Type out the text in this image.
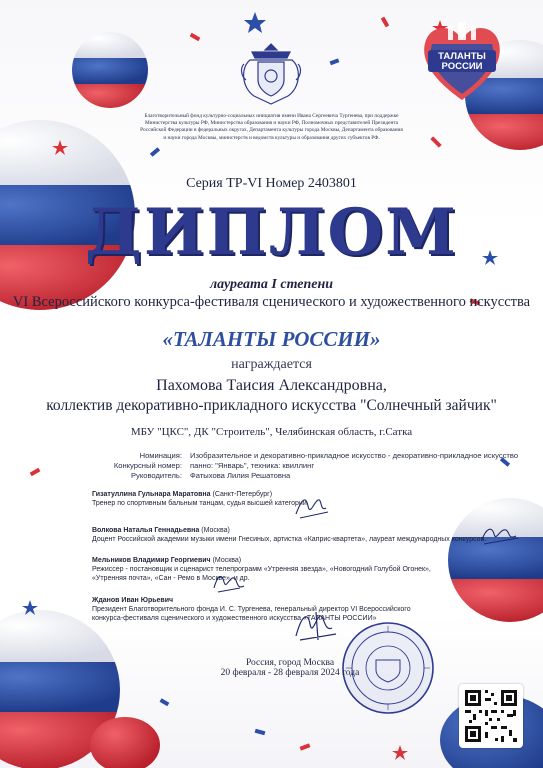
ТАЛАНТЫ
РОССИИ
Благотворительный фонд культурно-социальных инициатив имени Ивана Сергеевича Тургенева, при поддержке Министерства культуры РФ, Министерства образования и науки РФ, Полномочных представителей Президента Российской Федерации в федеральных округах, Департамента культуры города Москвы, Департамента образования и науки города Москвы, министерств и ведомств культуры и образования других субъектов РФ.
Серия ТР-VI Номер 2403801
ДИПЛОМ
лауреата I степени
VI Всероссийского конкурса-фестиваля сценического и художественного искусства
«ТАЛАНТЫ РОССИИ»
награждается
Пахомова Таисия Александровна,
коллектив декоративно-прикладного искусства "Солнечный зайчик"
МБУ "ЦКС", ДК "Строитель", Челябинская область, г.Сатка
Номинация:	Изобразительное и декоративно-прикладное искусство - декоративно-прикладное искусство
Конкурсный номер:	панно: "Январь", техника: квиллинг
Руководитель:	Фатыхова Лилия Решатовна
Гизатуллина Гульнара Маратовна (Санкт-Петербург)
Тренер по спортивным бальным танцам, судья высшей категории.
Волкова Наталья Геннадьевна (Москва)
Доцент Российской академии музыки имени Гнесиных, артистка «Каприс-квартета», лауреат международных конкурсов.
Мельников Владимир Георгиевич (Москва)
Режиссер - постановщик и сценарист телепрограмм «Утренняя звезда», «Новогодний Голубой Огонек», «Утренняя почта», «Сан - Ремо в Москве», и др.
Жданов Иван Юрьевич
Президент Благотворительного фонда И. С. Тургенева, генеральный директор VI Всероссийского конкурса-фестиваля сценического и художественного искусства «ТАЛАНТЫ РОССИИ»
Россия, город Москва
20 февраля - 28 февраля 2024 года
